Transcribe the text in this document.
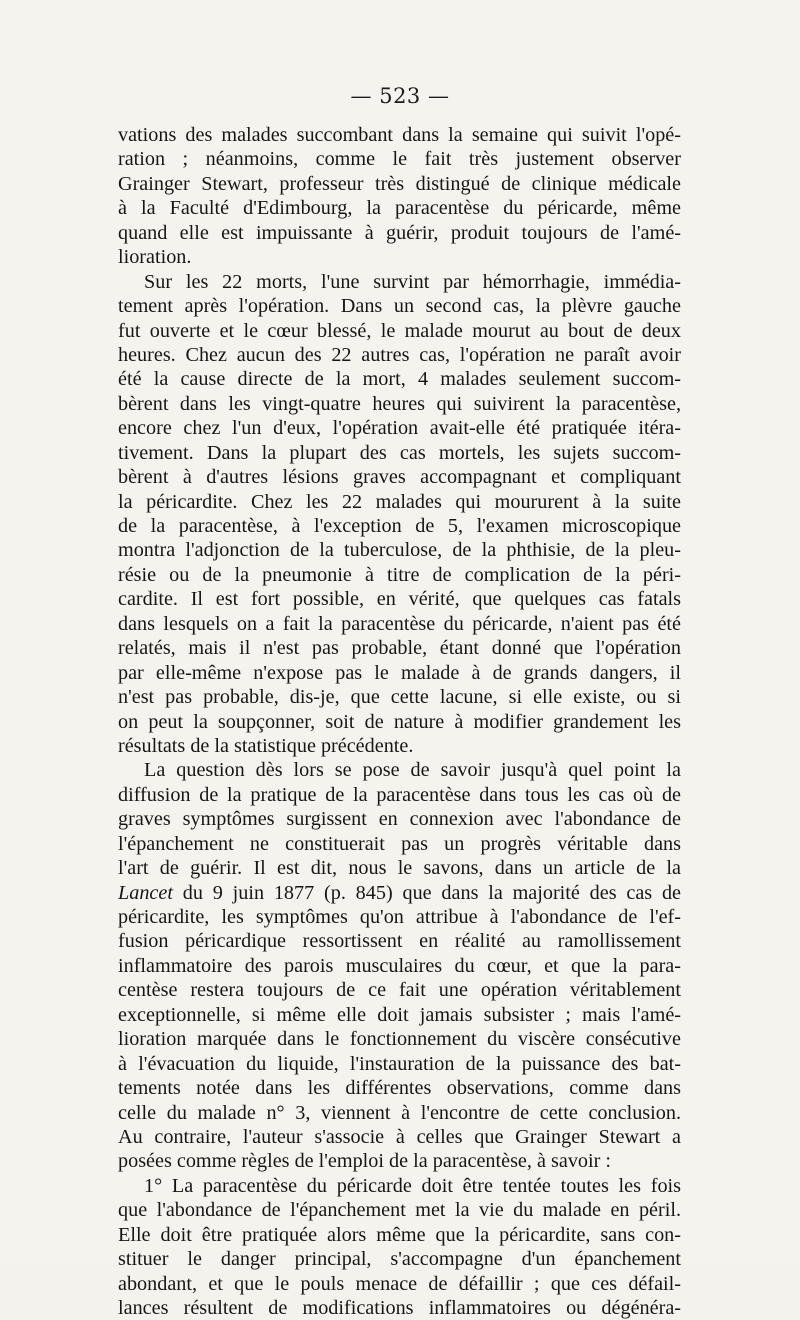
— 523 —
vations des malades succombant dans la semaine qui suivit l'opé-
ration ; néanmoins, comme le fait très justement observer
Grainger Stewart, professeur très distingué de clinique médicale
à la Faculté d'Edimbourg, la paracentèse du péricarde, même
quand elle est impuissante à guérir, produit toujours de l'amé-
lioration.
Sur les 22 morts, l'une survint par hémorrhagie, immédia-
tement après l'opération. Dans un second cas, la plèvre gauche
fut ouverte et le cœur blessé, le malade mourut au bout de deux
heures. Chez aucun des 22 autres cas, l'opération ne paraît avoir
été la cause directe de la mort, 4 malades seulement succom-
bèrent dans les vingt-quatre heures qui suivirent la paracentèse,
encore chez l'un d'eux, l'opération avait-elle été pratiquée itéra-
tivement. Dans la plupart des cas mortels, les sujets succom-
bèrent à d'autres lésions graves accompagnant et compliquant
la péricardite. Chez les 22 malades qui moururent à la suite
de la paracentèse, à l'exception de 5, l'examen microscopique
montra l'adjonction de la tuberculose, de la phthisie, de la pleu-
résie ou de la pneumonie à titre de complication de la péri-
cardite. Il est fort possible, en vérité, que quelques cas fatals
dans lesquels on a fait la paracentèse du péricarde, n'aient pas été
relatés, mais il n'est pas probable, étant donné que l'opération
par elle-même n'expose pas le malade à de grands dangers, il
n'est pas probable, dis-je, que cette lacune, si elle existe, ou si
on peut la soupçonner, soit de nature à modifier grandement les
résultats de la statistique précédente.
La question dès lors se pose de savoir jusqu'à quel point la
diffusion de la pratique de la paracentèse dans tous les cas où de
graves symptômes surgissent en connexion avec l'abondance de
l'épanchement ne constituerait pas un progrès véritable dans
l'art de guérir. Il est dit, nous le savons, dans un article de la
Lancet du 9 juin 1877 (p. 845) que dans la majorité des cas de
péricardite, les symptômes qu'on attribue à l'abondance de l'ef-
fusion péricardique ressortissent en réalité au ramollissement
inflammatoire des parois musculaires du cœur, et que la para-
centèse restera toujours de ce fait une opération véritablement
exceptionnelle, si même elle doit jamais subsister ; mais l'amé-
lioration marquée dans le fonctionnement du viscère consécutive
à l'évacuation du liquide, l'instauration de la puissance des bat-
tements notée dans les différentes observations, comme dans
celle du malade n° 3, viennent à l'encontre de cette conclusion.
Au contraire, l'auteur s'associe à celles que Grainger Stewart a
posées comme règles de l'emploi de la paracentèse, à savoir :
1° La paracentèse du péricarde doit être tentée toutes les fois
que l'abondance de l'épanchement met la vie du malade en péril.
Elle doit être pratiquée alors même que la péricardite, sans con-
stituer le danger principal, s'accompagne d'un épanchement
abondant, et que le pouls menace de défaillir ; que ces défail-
lances résultent de modifications inflammatoires ou dégénéra-
